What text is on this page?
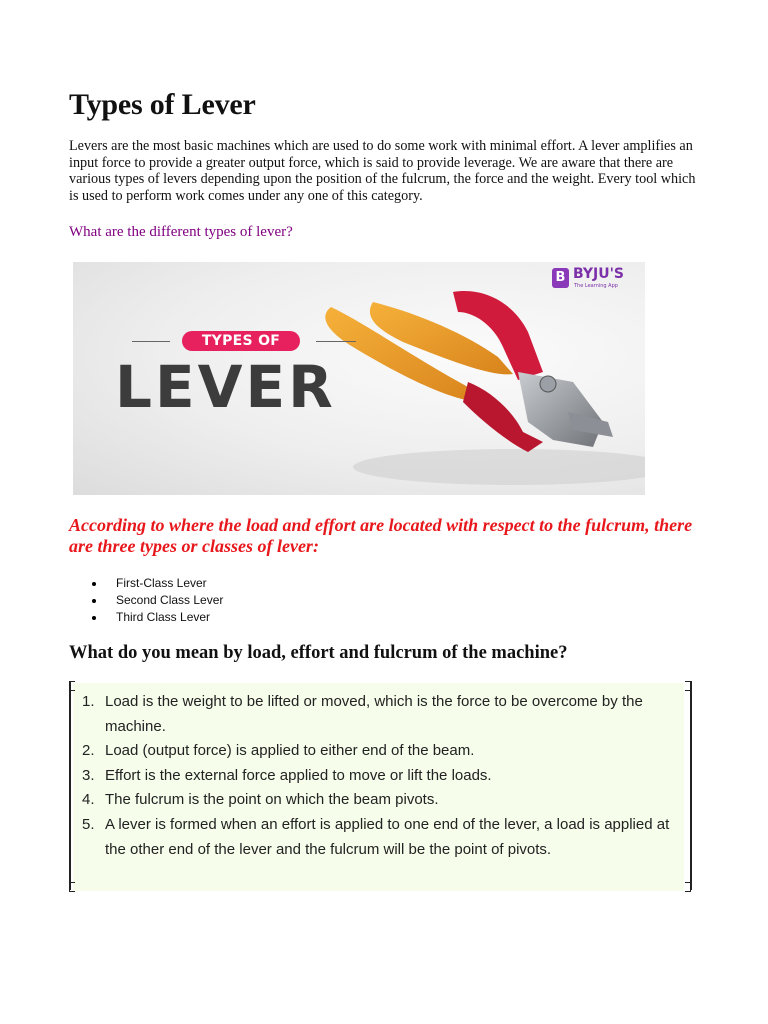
Types of Lever

Levers are the most basic machines which are used to do some work with minimal effort. A lever amplifies an input force to provide a greater output force, which is said to provide leverage. We are aware that there are various types of levers depending upon the position of the fulcrum, the force and the weight. Every tool which is used to perform work comes under any one of this category.

What are the different types of lever?

TYPES OF

LEVER

B BYJU'S

The Learning App

According to where the load and effort are located with respect to the fulcrum, there are three types or classes of lever:

First-Class Lever
Second Class Lever
Third Class Lever
What do you mean by load, effort and fulcrum of the machine?
1. Load is the weight to be lifted or moved, which is the force to be overcome by the machine.
2. Load (output force) is applied to either end of the beam.
3. Effort is the external force applied to move or lift the loads.
4. The fulcrum is the point on which the beam pivots.
5. A lever is formed when an effort is applied to one end of the lever, a load is applied at the other end of the lever and the fulcrum will be the point of pivots.
